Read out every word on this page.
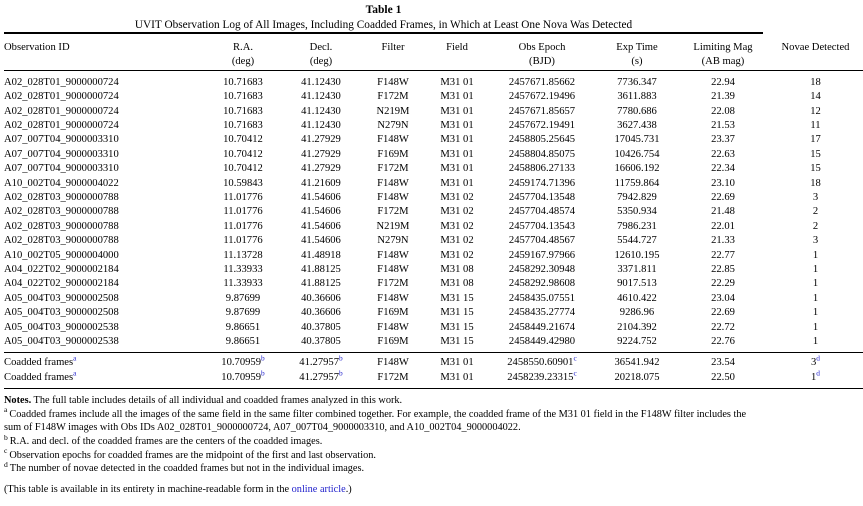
Table 1
UVIT Observation Log of All Images, Including Coadded Frames, in Which at Least One Nova Was Detected
Observation ID	R.A.	Decl.	Filter	Field	Obs Epoch	Exp Time	Limiting Mag	Novae Detected
	(deg)	(deg)			(BJD)	(s)	(AB mag)	

A02_028T01_9000000724	10.71683	41.12430	F148W	M31 01	2457671.85662	7736.347	22.94	18
A02_028T01_9000000724	10.71683	41.12430	F172M	M31 01	2457672.19496	3611.883	21.39	14
A02_028T01_9000000724	10.71683	41.12430	N219M	M31 01	2457671.85657	7780.686	22.08	12
A02_028T01_9000000724	10.71683	41.12430	N279N	M31 01	2457672.19491	3627.438	21.53	11
A07_007T04_9000003310	10.70412	41.27929	F148W	M31 01	2458805.25645	17045.731	23.37	17
A07_007T04_9000003310	10.70412	41.27929	F169M	M31 01	2458804.85075	10426.754	22.63	15
A07_007T04_9000003310	10.70412	41.27929	F172M	M31 01	2458806.27133	16606.192	22.34	15
A10_002T04_9000004022	10.59843	41.21609	F148W	M31 01	2459174.71396	11759.864	23.10	18
A02_028T03_9000000788	11.01776	41.54606	F148W	M31 02	2457704.13548	7942.829	22.69	3
A02_028T03_9000000788	11.01776	41.54606	F172M	M31 02	2457704.48574	5350.934	21.48	2
A02_028T03_9000000788	11.01776	41.54606	N219M	M31 02	2457704.13543	7986.231	22.01	2
A02_028T03_9000000788	11.01776	41.54606	N279N	M31 02	2457704.48567	5544.727	21.33	3
A10_002T05_9000004000	11.13728	41.48918	F148W	M31 02	2459167.97966	12610.195	22.77	1
A04_022T02_9000002184	11.33933	41.88125	F148W	M31 08	2458292.30948	3371.811	22.85	1
A04_022T02_9000002184	11.33933	41.88125	F172M	M31 08	2458292.98608	9017.513	22.29	1
A05_004T03_9000002508	9.87699	40.36606	F148W	M31 15	2458435.07551	4610.422	23.04	1
A05_004T03_9000002508	9.87699	40.36606	F169M	M31 15	2458435.27774	9286.96	22.69	1
A05_004T03_9000002538	9.86651	40.37805	F148W	M31 15	2458449.21674	2104.392	22.72	1
A05_004T03_9000002538	9.86651	40.37805	F169M	M31 15	2458449.42980	9224.752	22.76	1

Coadded frames$^a$	10.70959$^b$	41.27957$^b$	F148W	M31 01	2458550.60901$^c$	36541.942	23.54	3$^d$
Coadded frames$^a$	10.70959$^b$	41.27957$^b$	F172M	M31 01	2458239.23315$^c$	20218.075	22.50	1$^d$

Notes. The full table includes details of all individual and coadded frames analyzed in this work.

$^a$ Coadded frames include all the images of the same field in the same filter combined together. For example, the coadded frame of the M31 01 field in the F148W filter includes the sum of F148W images with Obs IDs A02_028T01_9000000724, A07_007T04_9000003310, and A10_002T04_9000004022.

$^b$ R.A. and decl. of the coadded frames are the centers of the coadded images.

$^c$ Observation epochs for coadded frames are the midpoint of the first and last observation.

$^d$ The number of novae detected in the coadded frames but not in the individual images.

(This table is available in its entirety in machine-readable form in the online article.)
